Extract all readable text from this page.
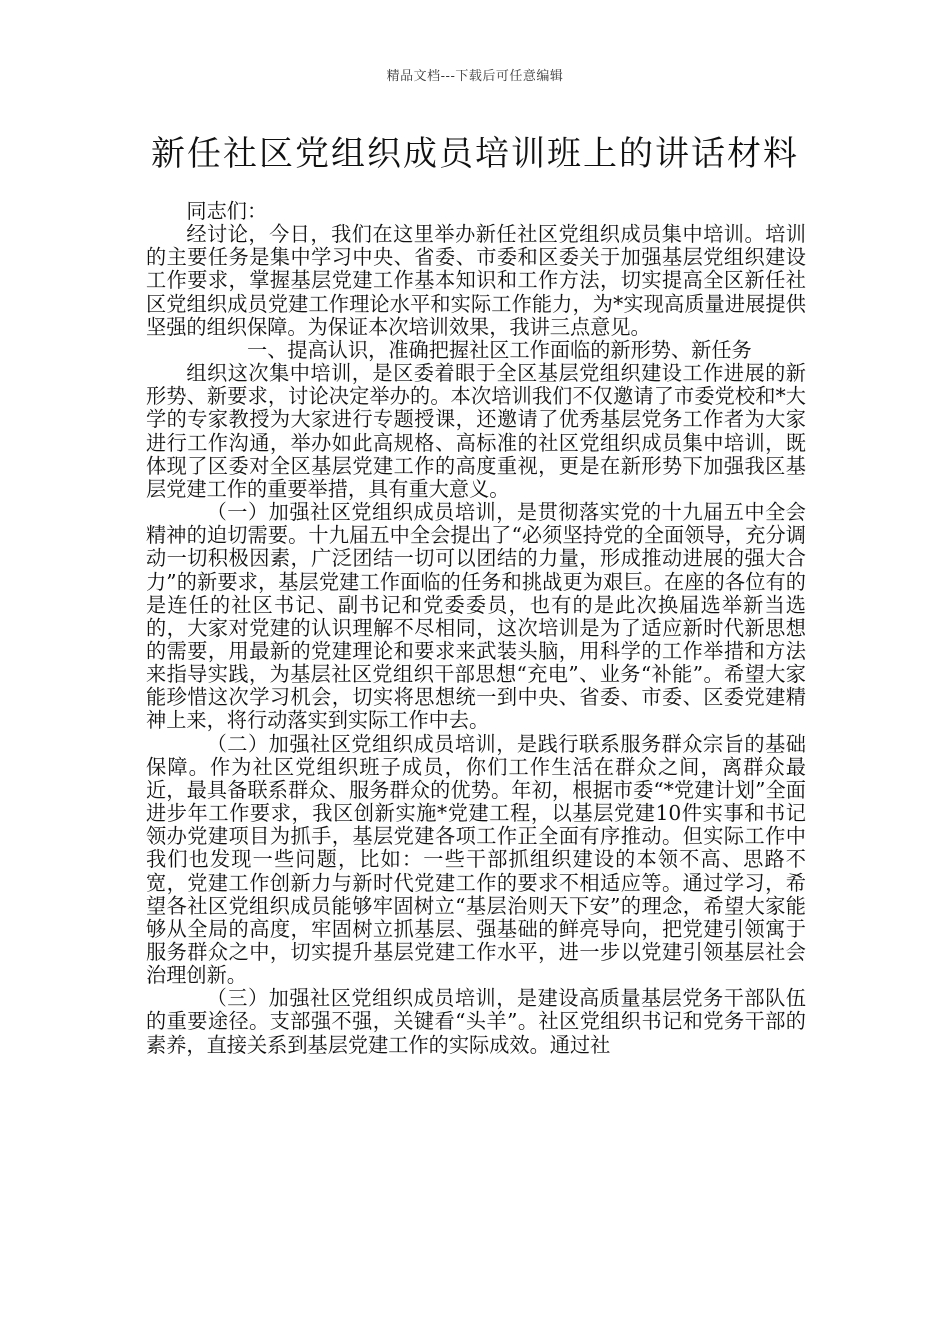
精品文档---下载后可任意编辑
新任社区党组织成员培训班上的讲话材料

同志们：

经讨论，今日，我们在这里举办新任社区党组织成员集中培训。培训的主要任务是集中学习中央、省委、市委和区委关于加强基层党组织建设工作要求，掌握基层党建工作基本知识和工作方法，切实提高全区新任社区党组织成员党建工作理论水平和实际工作能力，为*实现高质量进展提供坚强的组织保障。为保证本次培训效果，我讲三点意见。

一、提高认识，准确把握社区工作面临的新形势、新任务

组织这次集中培训，是区委着眼于全区基层党组织建设工作进展的新形势、新要求，讨论决定举办的。本次培训我们不仅邀请了市委党校和*大学的专家教授为大家进行专题授课，还邀请了优秀基层党务工作者为大家进行工作沟通，举办如此高规格、高标准的社区党组织成员集中培训，既体现了区委对全区基层党建工作的高度重视，更是在新形势下加强我区基层党建工作的重要举措，具有重大意义。

（一）加强社区党组织成员培训，是贯彻落实党的十九届五中全会精神的迫切需要。十九届五中全会提出了“必须坚持党的全面领导，充分调动一切积极因素，广泛团结一切可以团结的力量，形成推动进展的强大合力”的新要求，基层党建工作面临的任务和挑战更为艰巨。在座的各位有的是连任的社区书记、副书记和党委委员，也有的是此次换届选举新当选的，大家对党建的认识理解不尽相同，这次培训是为了适应新时代新思想的需要，用最新的党建理论和要求来武装头脑，用科学的工作举措和方法来指导实践，为基层社区党组织干部思想“充电”、业务“补能”。希望大家能珍惜这次学习机会，切实将思想统一到中央、省委、市委、区委党建精神上来，将行动落实到实际工作中去。

（二）加强社区党组织成员培训，是践行联系服务群众宗旨的基础保障。作为社区党组织班子成员，你们工作生活在群众之间，离群众最近，最具备联系群众、服务群众的优势。年初，根据市委“*党建计划”全面进步年工作要求，我区创新实施*党建工程，以基层党建10件实事和书记领办党建项目为抓手，基层党建各项工作正全面有序推动。但实际工作中我们也发现一些问题，比如：一些干部抓组织建设的本领不高、思路不宽，党建工作创新力与新时代党建工作的要求不相适应等。通过学习，希望各社区党组织成员能够牢固树立“基层治则天下安”的理念，希望大家能够从全局的高度，牢固树立抓基层、强基础的鲜亮导向，把党建引领寓于服务群众之中，切实提升基层党建工作水平，进一步以党建引领基层社会治理创新。

（三）加强社区党组织成员培训，是建设高质量基层党务干部队伍的重要途径。支部强不强，关键看“头羊”。社区党组织书记和党务干部的素养，直接关系到基层党建工作的实际成效。通过社
